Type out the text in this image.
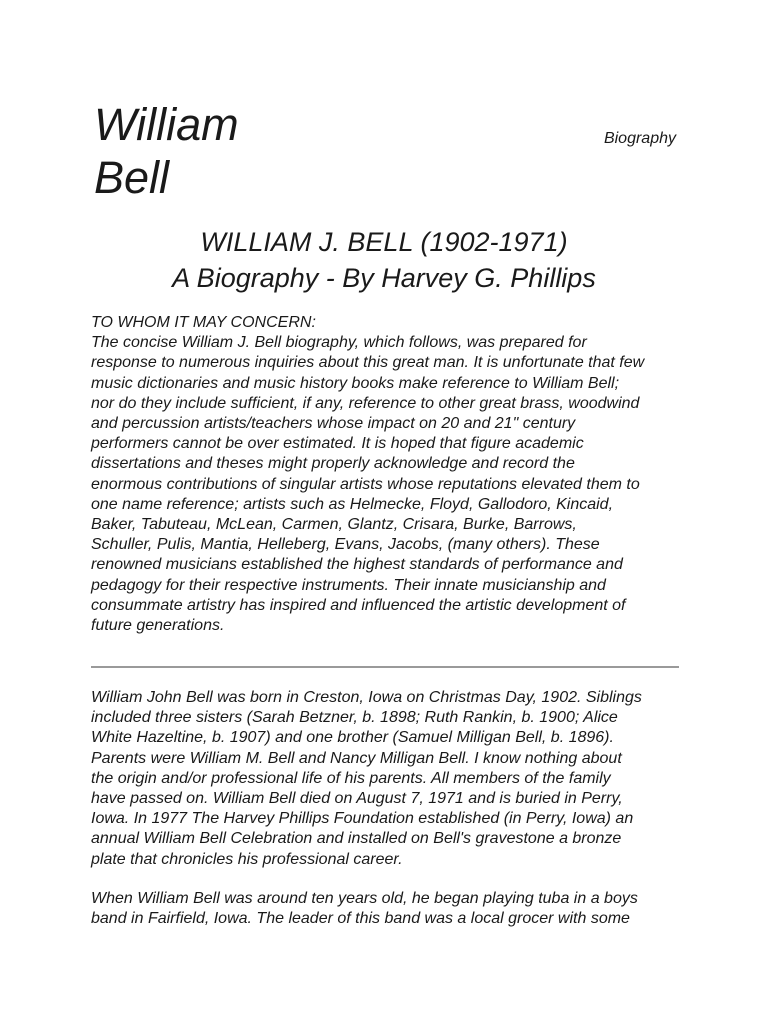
William
Bell
Biography
WILLIAM J. BELL (1902-1971)
A Biography - By Harvey G. Phillips

TO WHOM IT MAY CONCERN:
The concise William J. Bell biography, which follows, was prepared for
response to numerous inquiries about this great man. It is unfortunate that few
music dictionaries and music history books make reference to William Bell;
nor do they include sufficient, if any, reference to other great brass, woodwind
and percussion artists/teachers whose impact on 20 and 21" century
performers cannot be over estimated. It is hoped that figure academic
dissertations and theses might properly acknowledge and record the
enormous contributions of singular artists whose reputations elevated them to
one name reference; artists such as Helmecke, Floyd, Gallodoro, Kincaid,
Baker, Tabuteau, McLean, Carmen, Glantz, Crisara, Burke, Barrows,
Schuller, Pulis, Mantia, Helleberg, Evans, Jacobs, (many others). These
renowned musicians established the highest standards of performance and
pedagogy for their respective instruments. Their innate musicianship and
consummate artistry has inspired and influenced the artistic development of
future generations.

William John Bell was born in Creston, Iowa on Christmas Day, 1902. Siblings
included three sisters (Sarah Betzner, b. 1898; Ruth Rankin, b. 1900; Alice
White Hazeltine, b. 1907) and one brother (Samuel Milligan Bell, b. 1896).
Parents were William M. Bell and Nancy Milligan Bell. I know nothing about
the origin and/or professional life of his parents. All members of the family
have passed on. William Bell died on August 7, 1971 and is buried in Perry,
Iowa. In 1977 The Harvey Phillips Foundation established (in Perry, Iowa) an
annual William Bell Celebration and installed on Bell's gravestone a bronze
plate that chronicles his professional career.

When William Bell was around ten years old, he began playing tuba in a boys
band in Fairfield, Iowa. The leader of this band was a local grocer with some
